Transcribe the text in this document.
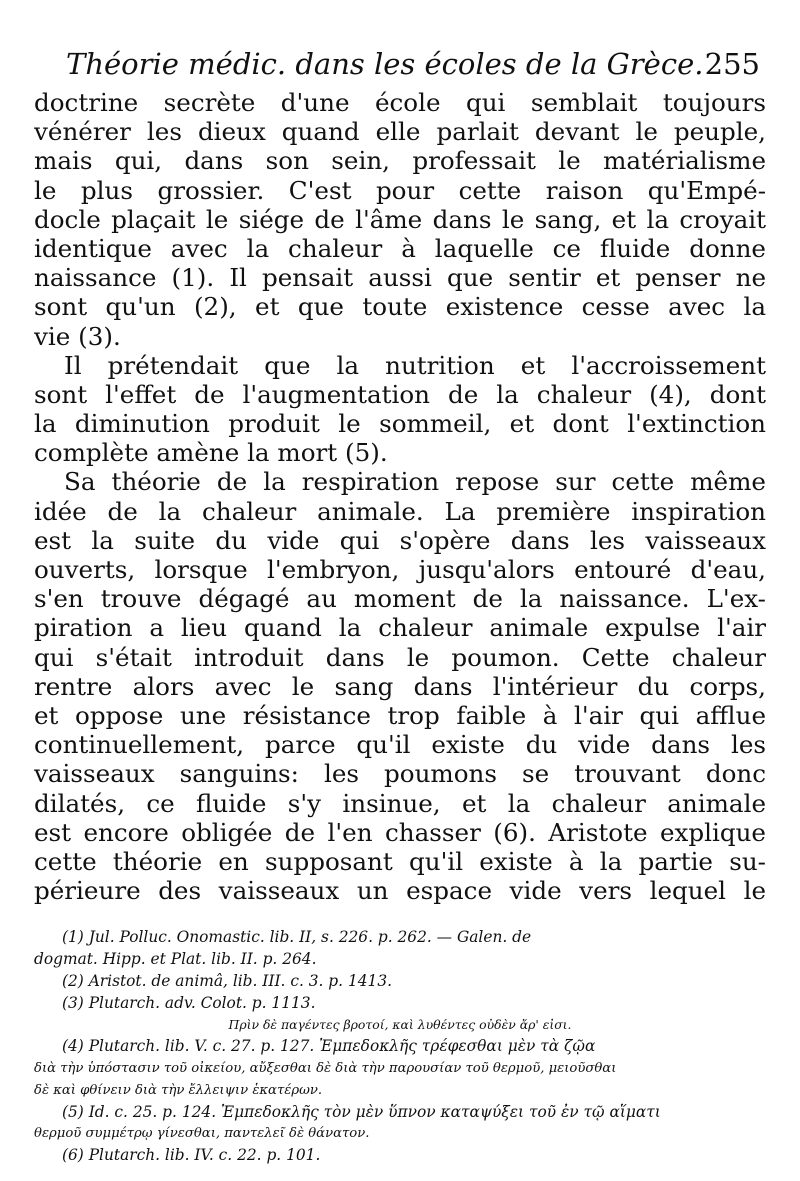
Théorie médic. dans les écoles de la Grèce. 255
doctrine secrète d'une école qui semblait toujours
vénérer les dieux quand elle parlait devant le peuple,
mais qui, dans son sein, professait le matérialisme
le plus grossier. C'est pour cette raison qu'Empé-
docle plaçait le siége de l'âme dans le sang, et la croyait
identique avec la chaleur à laquelle ce fluide donne
naissance (1). Il pensait aussi que sentir et penser ne
sont qu'un (2), et que toute existence cesse avec la
vie (3).
Il prétendait que la nutrition et l'accroissement
sont l'effet de l'augmentation de la chaleur (4), dont
la diminution produit le sommeil, et dont l'extinction
complète amène la mort (5).
Sa théorie de la respiration repose sur cette même
idée de la chaleur animale. La première inspiration
est la suite du vide qui s'opère dans les vaisseaux
ouverts, lorsque l'embryon, jusqu'alors entouré d'eau,
s'en trouve dégagé au moment de la naissance. L'ex-
piration a lieu quand la chaleur animale expulse l'air
qui s'était introduit dans le poumon. Cette chaleur
rentre alors avec le sang dans l'intérieur du corps,
et oppose une résistance trop faible à l'air qui afflue
continuellement, parce qu'il existe du vide dans les
vaisseaux sanguins: les poumons se trouvant donc
dilatés, ce fluide s'y insinue, et la chaleur animale
est encore obligée de l'en chasser (6). Aristote explique
cette théorie en supposant qu'il existe à la partie su-
périeure des vaisseaux un espace vide vers lequel le
(1) Jul. Polluc. Onomastic. lib. II, s. 226. p. 262. — Galen. de
dogmat. Hipp. et Plat. lib. II. p. 264.
(2) Aristot. de animâ, lib. III. c. 3. p. 1413.
(3) Plutarch. adv. Colot. p. 1113.
Πρὶν δὲ παγέντες βροτοί, καὶ λυθέντες οὐδὲν ἄρ' εἰσι.
(4) Plutarch. lib. V. c. 27. p. 127. Ἐμπεδοκλῆς τρέφεσθαι μὲν τὰ ζῷα
διὰ τὴν ὑπόστασιν τοῦ οἰκείου, αὔξεσθαι δὲ διὰ τὴν παρουσίαν τοῦ θερμοῦ, μειοῦσθαι
δὲ καὶ φθίνειν διὰ τὴν ἔλλειψιν ἑκατέρων.
(5) Id. c. 25. p. 124. Ἐμπεδοκλῆς τὸν μὲν ὕπνον καταψύξει τοῦ ἐν τῷ αἵματι
θερμοῦ συμμέτρῳ γίνεσθαι, παντελεῖ δὲ θάνατον.
(6) Plutarch. lib. IV. c. 22. p. 101.
